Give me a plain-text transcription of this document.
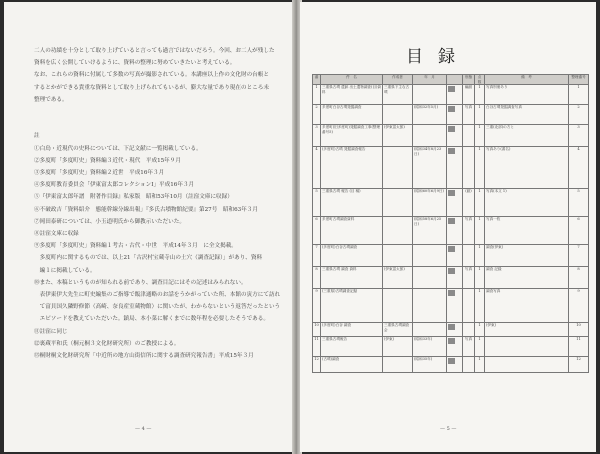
二人の功績を十分として取り上げていると言っても過言ではないだろう。今回、お二人が残した
資料を広く公開していけるように、資料の整理に努めていきたいと考えている。
なお、これらの資料に付属して多数の写真が撮影されている。本講座以上作の文化財の台帳と
するとかができる貴重な資料として取り上げられてもいるが、膨大な量であり現在のところ未
整理である。
註
①白鳥・近現代の史料については、下記文献に一覧掲載している。
②多度町「多度町史」資料編３近代・現代　平成15年９月
③多度町「多度町史」資料編２近世　平成16年３月
④多度町教育委員会「伊東富太郎コレクションⅠ」平成16年３月
⑤『伊東富太郎年譜　附著作目録』私家版　昭和53年10月（註窪文庫に収録）
⑥不破政吉「資料紹介　態能幹線分線出報」『多氏古墳物館紀要』第27号　昭和63年３月
⑦岡田泰研については、小玉道明氏から御教示いただいた。
⑧註窪文庫に収録
⑨多度町「多度町史」資料編１考古・古代・中世　平成14年３月　に全文掲載。
　多度町内に関するものでは、以上21「古沢村宝蔵寺山の土穴（調査記録）」があり、資料
　編１に掲載している。
⑩また、本稿というものが知られる前であり、調査目記にはその記述はみられない。
　表伊東伊大先生に町史編集のご指導で飯津通略のお話をうかがっていた所、本館の寅方にて訪れ
　て富貝国久隣野修節（高崎、奈良産室蔵物館）に関いたが、わからないという返答だったという
　エピソードを教えていただいた。鎮局、本小菜に解くまでに数年程を必要したそうである。
⑪註窪に同じ
⑫裏蔵平和氏（桐元桐３文化財研究所）のご教授による。
⑬桐財桐文化財研究所「中近所の地方山街信所に関する調査研究報告書」平成15年３月
— 4 —
目録
番	件　名	作成者	年　月		形態	点数	備　考	整理番号
1	三重県古墳 遺跡 出土遺物調査(目)資料	三重県下主な古墳			編綴	1	写真別冊あり	1
2	多度町白谷古墳発掘調査		(昭和32年5月)		写真	1	白谷古墳発掘調査写真	2
3	多度町(旧多度町)発掘調査工事(整理番号5)	(伊東富太郎)				1	三重(北部)の方と	3
4	(多度町)古墳 発掘調査報告		(昭和34年8月23日)			1	写真あり(書名)	4
5	三重県古墳 報告 (目 稿)		(昭和60年6月9日)		(綴)	1	写真(本文 1)	5
6	多度町古墳調査資料		(昭和58年6月25日)		写真	1	写真一枚	6
7	(多度町)白谷古墳調査					1	調査(伊東)	7
8	三重県古墳 調査 資料	(伊東富太郎)			写真	1	調査 記録	8
9	(三重県)古墳調査記録					1	調査写真	9
10	(多度町)白谷 調査	三重県古墳調査会				1	(伊東)	10
11	三重県古墳報告	(伊東)	(昭和33年)		写真	1		11
12	(古墳)調査		(昭和35年)			1		12
— 5 —
